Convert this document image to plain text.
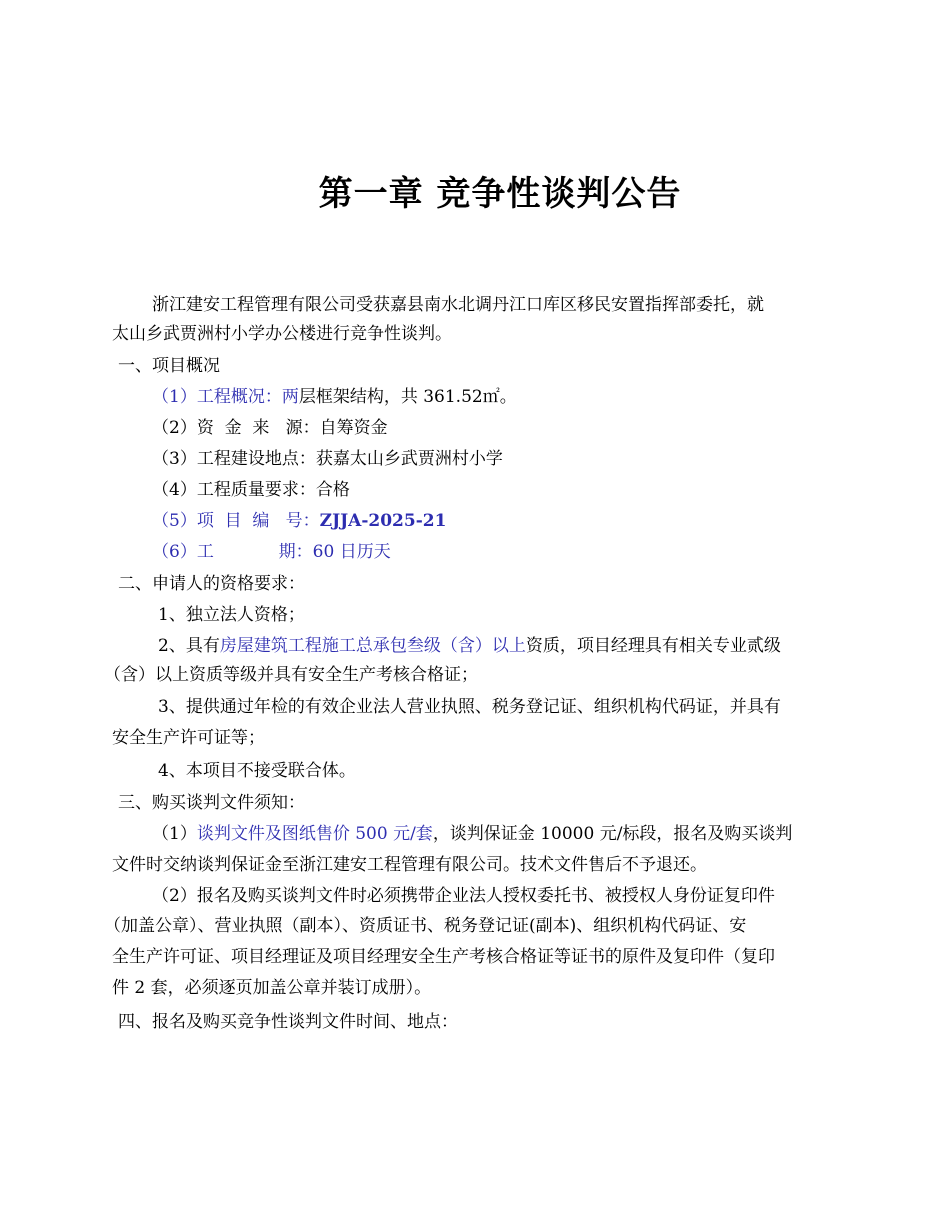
第一章 竞争性谈判公告
浙江建安工程管理有限公司受获嘉县南水北调丹江口库区移民安置指挥部委托，就
太山乡武贾洲村小学办公楼进行竞争性谈判。
一、项目概况
（1）工程概况：两层框架结构，共 361.52㎡。
（2）资  金  来   源：自筹资金
（3）工程建设地点：获嘉太山乡武贾洲村小学
（4）工程质量要求：合格
（5）项  目  编   号：ZJJA-2025-21
（6）工            期：60 日历天
二、申请人的资格要求：
1、独立法人资格；
2、具有房屋建筑工程施工总承包叁级（含）以上资质，项目经理具有相关专业贰级
（含）以上资质等级并具有安全生产考核合格证；
3、提供通过年检的有效企业法人营业执照、税务登记证、组织机构代码证，并具有
安全生产许可证等；
4、本项目不接受联合体。
三、购买谈判文件须知：
（1）谈判文件及图纸售价 500 元/套，谈判保证金 10000 元/标段，报名及购买谈判
文件时交纳谈判保证金至浙江建安工程管理有限公司。技术文件售后不予退还。
（2）报名及购买谈判文件时必须携带企业法人授权委托书、被授权人身份证复印件
（加盖公章）、营业执照（副本）、资质证书、税务登记证(副本)、组织机构代码证、安
全生产许可证、项目经理证及项目经理安全生产考核合格证等证书的原件及复印件（复印
件 2 套，必须逐页加盖公章并装订成册）。
四、报名及购买竞争性谈判文件时间、地点：
